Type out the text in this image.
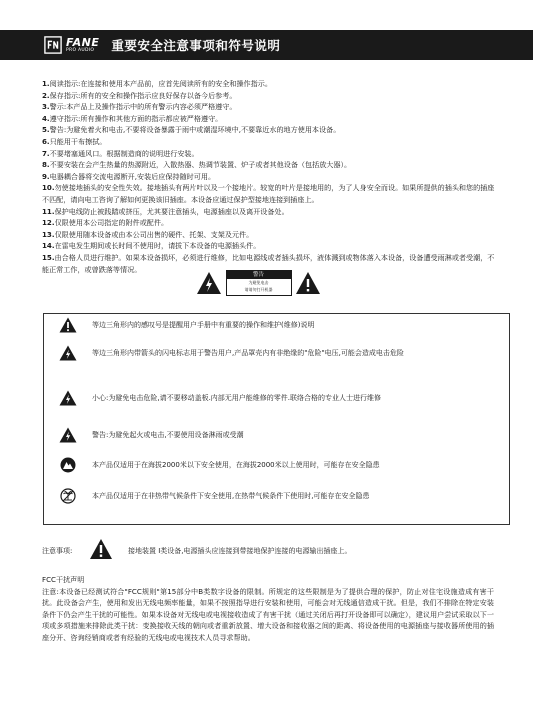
FANE
PRO AUDIO	重要安全注意事项和符号说明

1.阅读指示:在连接和使用本产品前，应首先阅读所有的安全和操作指示。

2.保存指示:所有的安全和操作指示应良好保存以备今后参考。

3.警示:本产品上及操作指示中的所有警示内容必须严格遵守。

4.遵守指示:所有操作和其他方面的指示都应被严格遵守。

5.警告:为避免着火和电击,不要将设备暴露于雨中或潮湿环境中,不要靠近水的地方使用本设备。

6.只能用干布擦拭。

7.不要堵塞通风口。根据制造商的说明进行安装。

8.不要安装在会产生热量的热源附近，入散热器、热调节装置、炉子或者其他设备（包括放大器）。

9.电器耦合器将交流电源断开,安装后应保持随时可用。

10.勿使接地插头的安全性失效。接地插头有两片叶以及一个接地片。较宽的叶片是接地用的，为了人身安全而设。如果所提供的插头和您的插座不匹配，请向电工咨询了解如何更换该旧插座。本设备应通过保护型接地连接到插座上。

11.保护电线防止被践踏或挤压，尤其要注意插头，电源插座以及离开设备处。

12.仅限使用本公司指定的附件或配件。

13.仅限使用随本设备或由本公司出售的硬件、托架、支架及元件。

14.在雷电发生期间或长时间不使用时，请拔下本设备的电源插头件。

15.由合格人员进行维护。如果本设备损坏，必须进行维修，比如电源线或者插头损坏，液体溅到或物体落入本设备，设备遭受雨淋或者受潮，不能正常工作，或曾跌落等情况。

警告
为避免电击
请请勿打开机器
等边三角形内的感叹号是提醒用户手册中有重要的操作和维护(维修)说明
等边三角形内带箭头的闪电标志用于警告用户,产品罩壳内有非绝缘的"危险"电压,可能会造成电击危险
小心:为避免电击危险,请不要移动盖板.内部无用户能维修的零件.联络合格的专业人士进行维修
警告:为避免起火或电击,不要使用设备淋雨或受潮
本产品仅适用于在海拔2000米以下安全使用，在海拔2000米以上使用时，可能存在安全隐患
本产品仅适用于在非热带气候条件下安全使用,在热带气候条件下使用时,可能存在安全隐患
注意事项:	接地装置 I类设备,电源插头应连接到带接地保护连接的电源输出插座上。

FCC干扰声明

注意:本设备已经测试符合"FCC规则"第15部分中B类数字设备的限制。所规定的这些限制是为了提供合理的保护，防止对住宅设施造成有害干扰。此设备会产生，使用和发出无线电频率能量，如果不按照指导进行安装和使用，可能会对无线通信造成干扰。但是，我们不排除在特定安装条件下仍会产生干扰的可能性。如果本设备对无线电或电视接收造成了有害干扰（通过关闭后再打开设备即可以确定），建议用户尝试采取以下一项或多项措施来排除此类干扰：变换接收天线的朝向或者重新放置、增大设备和接收器之间的距离、将设备使用的电源插座与接收器所使用的插座分开、咨询经销商或者有经验的无线电或电视技术人员寻求帮助。
